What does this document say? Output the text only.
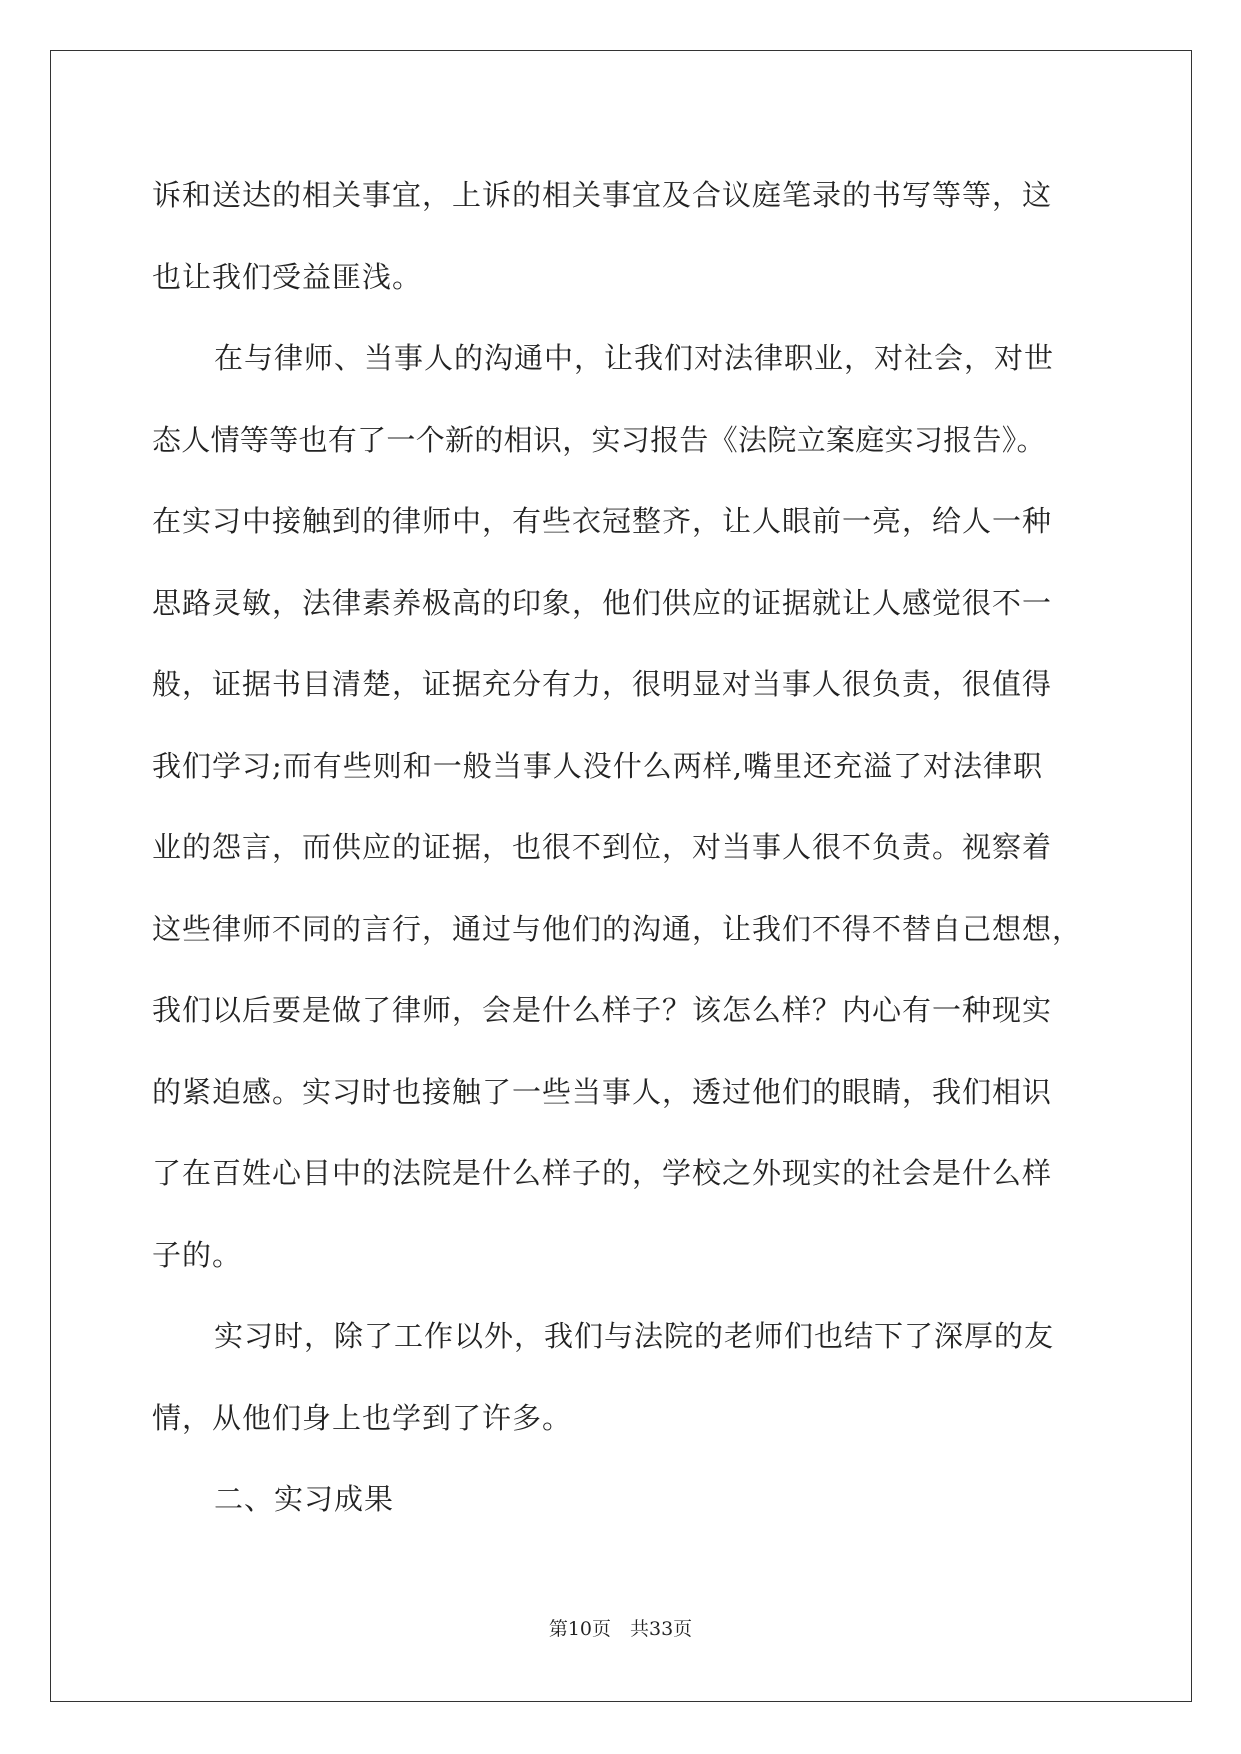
诉和送达的相关事宜，上诉的相关事宜及合议庭笔录的书写等等，这
也让我们受益匪浅。
在与律师、当事人的沟通中，让我们对法律职业，对社会，对世
态人情等等也有了一个新的相识，实习报告《法院立案庭实习报告》。
在实习中接触到的律师中，有些衣冠整齐，让人眼前一亮，给人一种
思路灵敏，法律素养极高的印象，他们供应的证据就让人感觉很不一
般，证据书目清楚，证据充分有力，很明显对当事人很负责，很值得
我们学习;而有些则和一般当事人没什么两样,嘴里还充溢了对法律职
业的怨言，而供应的证据，也很不到位，对当事人很不负责。视察着
这些律师不同的言行，通过与他们的沟通，让我们不得不替自己想想，
我们以后要是做了律师，会是什么样子？该怎么样？内心有一种现实
的紧迫感。实习时也接触了一些当事人，透过他们的眼睛，我们相识
了在百姓心目中的法院是什么样子的，学校之外现实的社会是什么样
子的。
实习时，除了工作以外，我们与法院的老师们也结下了深厚的友
情，从他们身上也学到了许多。
二、实习成果
第10页　共33页
